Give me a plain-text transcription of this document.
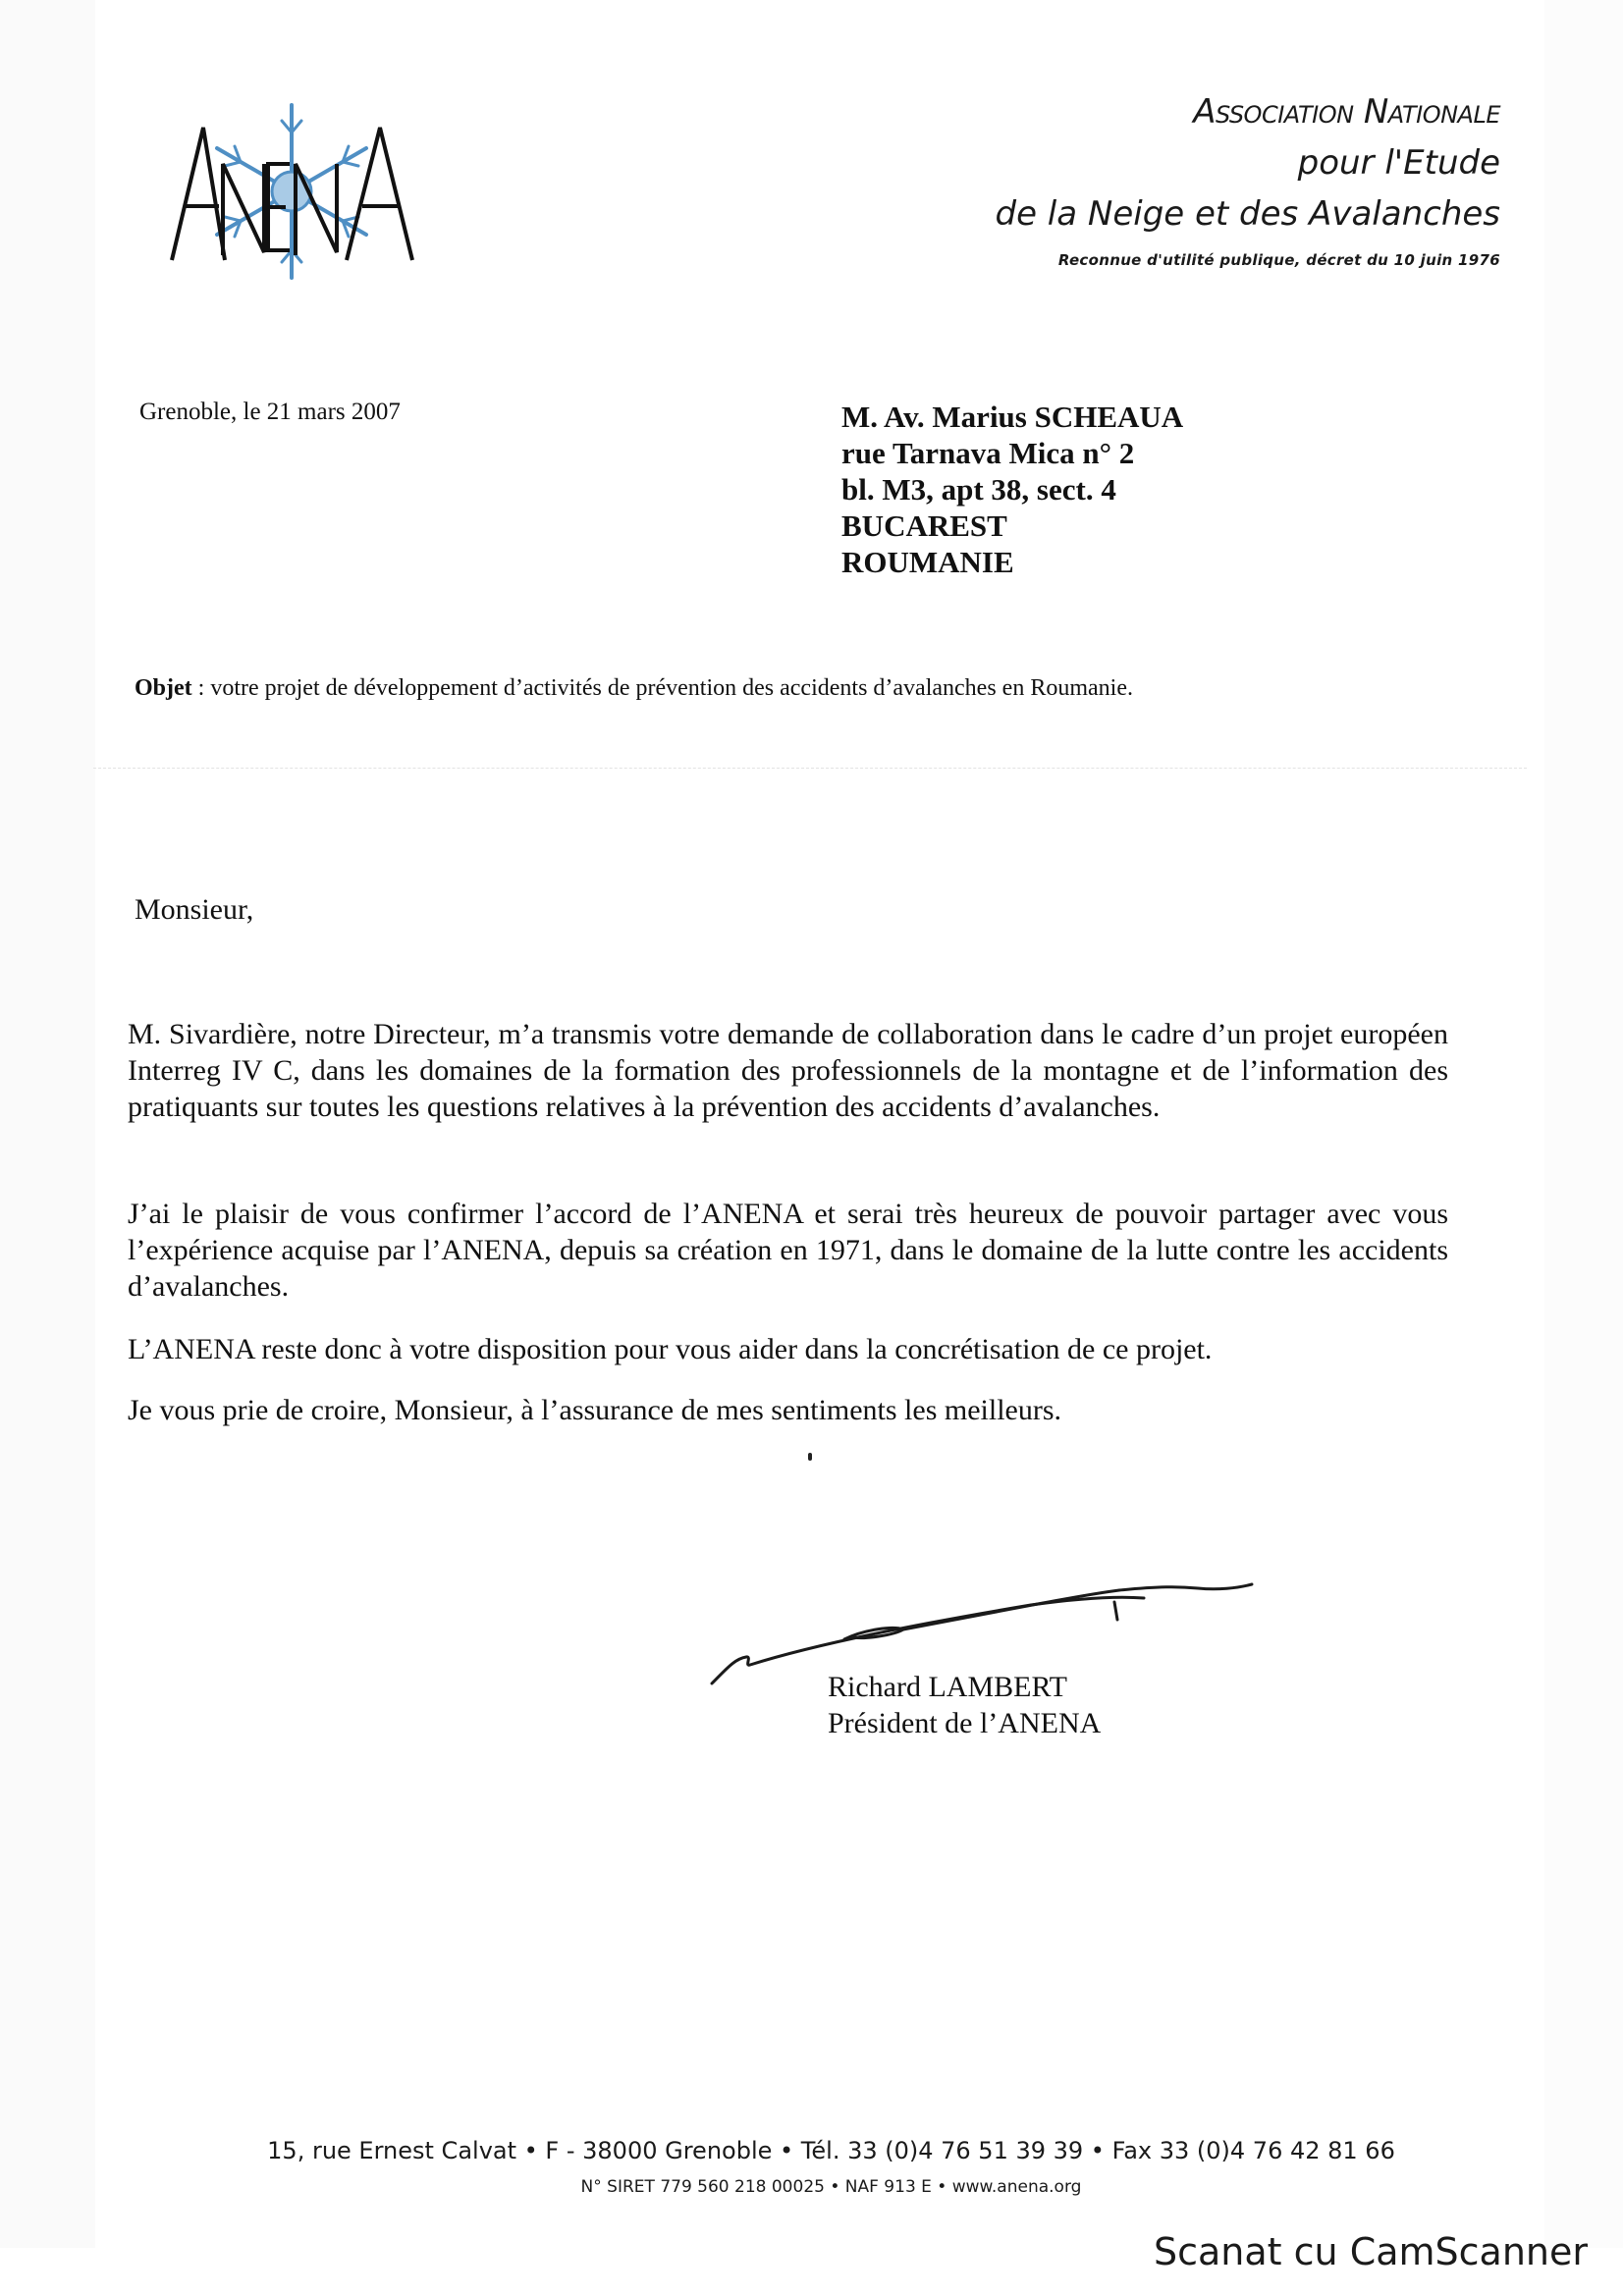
Association Nationale
pour l'Etude
de la Neige et des Avalanches
Reconnue d'utilité publique, décret du 10 juin 1976
Grenoble, le 21 mars 2007	M. Av. Marius SCHEAUA
rue Tarnava Mica n° 2
bl. M3, apt 38, sect. 4
BUCAREST
ROUMANIE
Objet : votre projet de développement d’activités de prévention des accidents d’avalanches en Roumanie.
Monsieur,

M. Sivardière, notre Directeur, m’a transmis votre demande de collaboration dans le cadre d’un projet européen Interreg IV C, dans les domaines de la formation des professionnels de la montagne et de l’information des pratiquants sur toutes les questions relatives à la prévention des accidents d’avalanches.

J’ai le plaisir de vous confirmer l’accord de l’ANENA et serai très heureux de pouvoir partager avec vous l’expérience acquise par l’ANENA, depuis sa création en 1971, dans le domaine de la lutte contre les accidents d’avalanches.

L’ANENA reste donc à votre disposition pour vous aider dans la concrétisation de ce projet.

Je vous prie de croire, Monsieur, à l’assurance de mes sentiments les meilleurs.

Richard LAMBERT
Président de l’ANENA
15, rue Ernest Calvat • F - 38000 Grenoble • Tél. 33 (0)4 76 51 39 39 • Fax 33 (0)4 76 42 81 66
N° SIRET 779 560 218 00025 • NAF 913 E • www.anena.org
Scanat cu CamScanner
